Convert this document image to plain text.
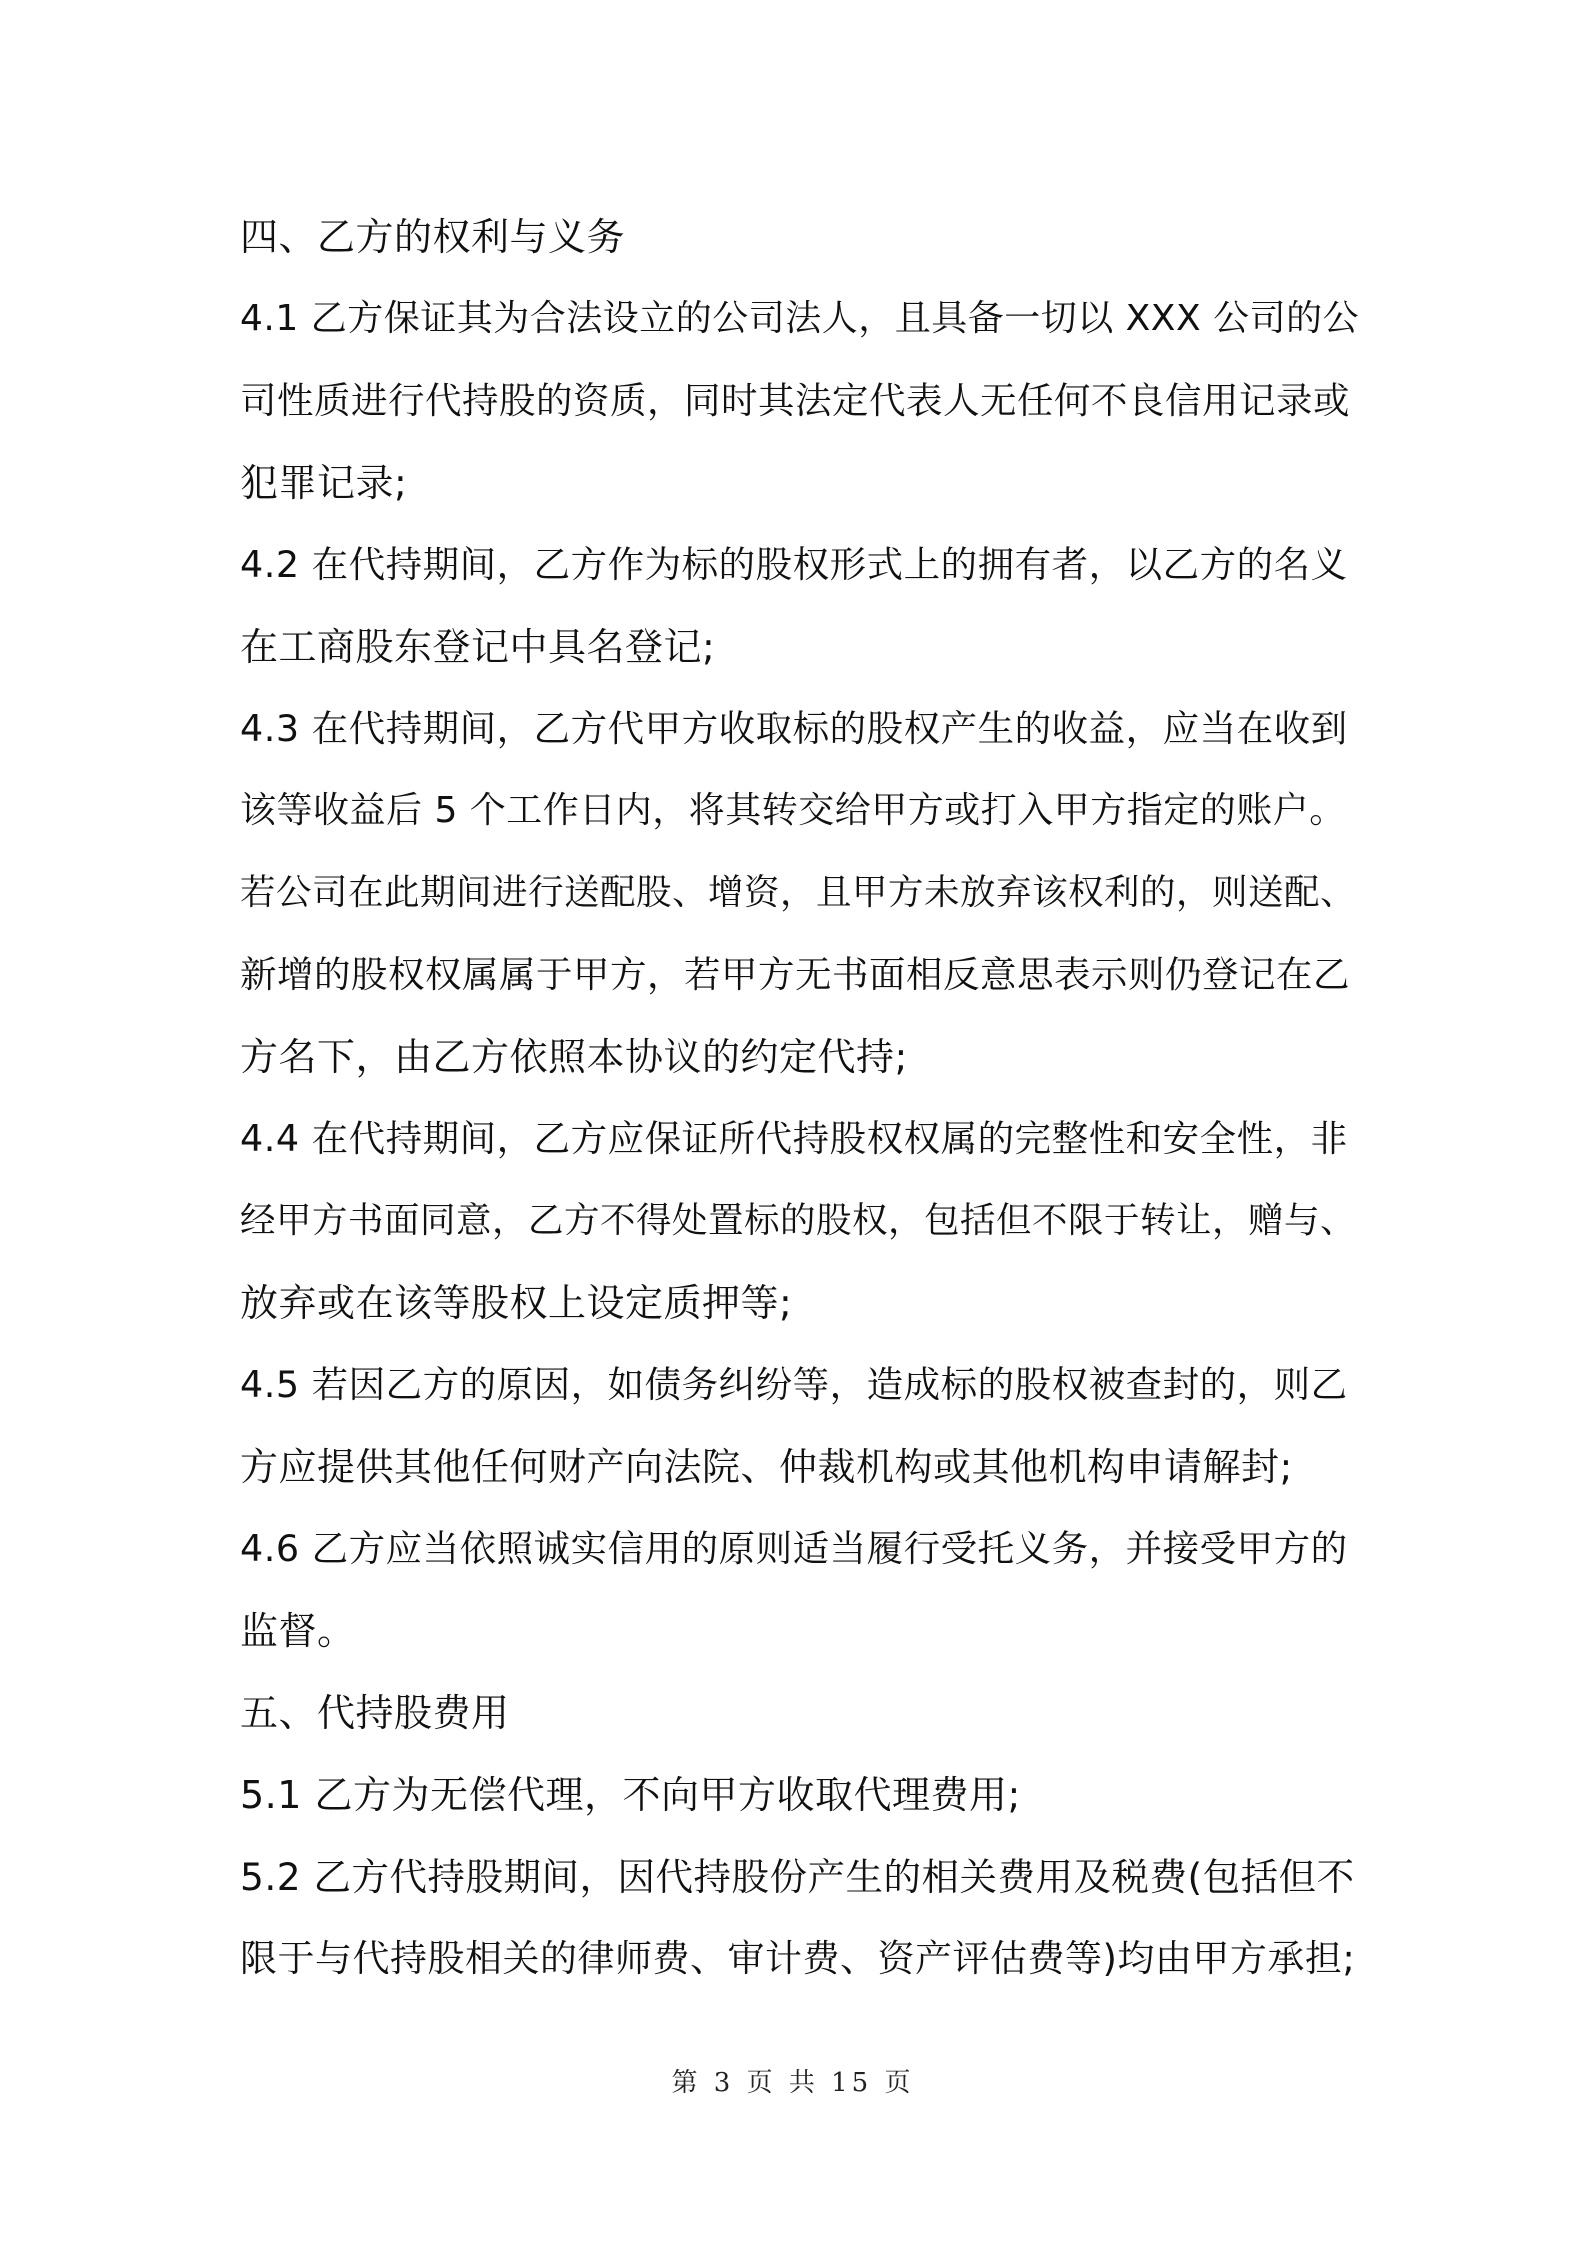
四、乙方的权利与义务
4.1 乙方保证其为合法设立的公司法人，且具备一切以 XXX 公司的公
司性质进行代持股的资质，同时其法定代表人无任何不良信用记录或
犯罪记录;
4.2 在代持期间，乙方作为标的股权形式上的拥有者，以乙方的名义
在工商股东登记中具名登记;
4.3 在代持期间，乙方代甲方收取标的股权产生的收益，应当在收到
该等收益后 5 个工作日内，将其转交给甲方或打入甲方指定的账户。
若公司在此期间进行送配股、增资，且甲方未放弃该权利的，则送配、
新增的股权权属属于甲方，若甲方无书面相反意思表示则仍登记在乙
方名下，由乙方依照本协议的约定代持;
4.4 在代持期间，乙方应保证所代持股权权属的完整性和安全性，非
经甲方书面同意，乙方不得处置标的股权，包括但不限于转让，赠与、
放弃或在该等股权上设定质押等;
4.5 若因乙方的原因，如债务纠纷等，造成标的股权被查封的，则乙
方应提供其他任何财产向法院、仲裁机构或其他机构申请解封;
4.6 乙方应当依照诚实信用的原则适当履行受托义务，并接受甲方的
监督。
五、代持股费用
5.1 乙方为无偿代理，不向甲方收取代理费用;
5.2 乙方代持股期间，因代持股份产生的相关费用及税费(包括但不
限于与代持股相关的律师费、审计费、资产评估费等)均由甲方承担;
第 3 页 共 15 页
